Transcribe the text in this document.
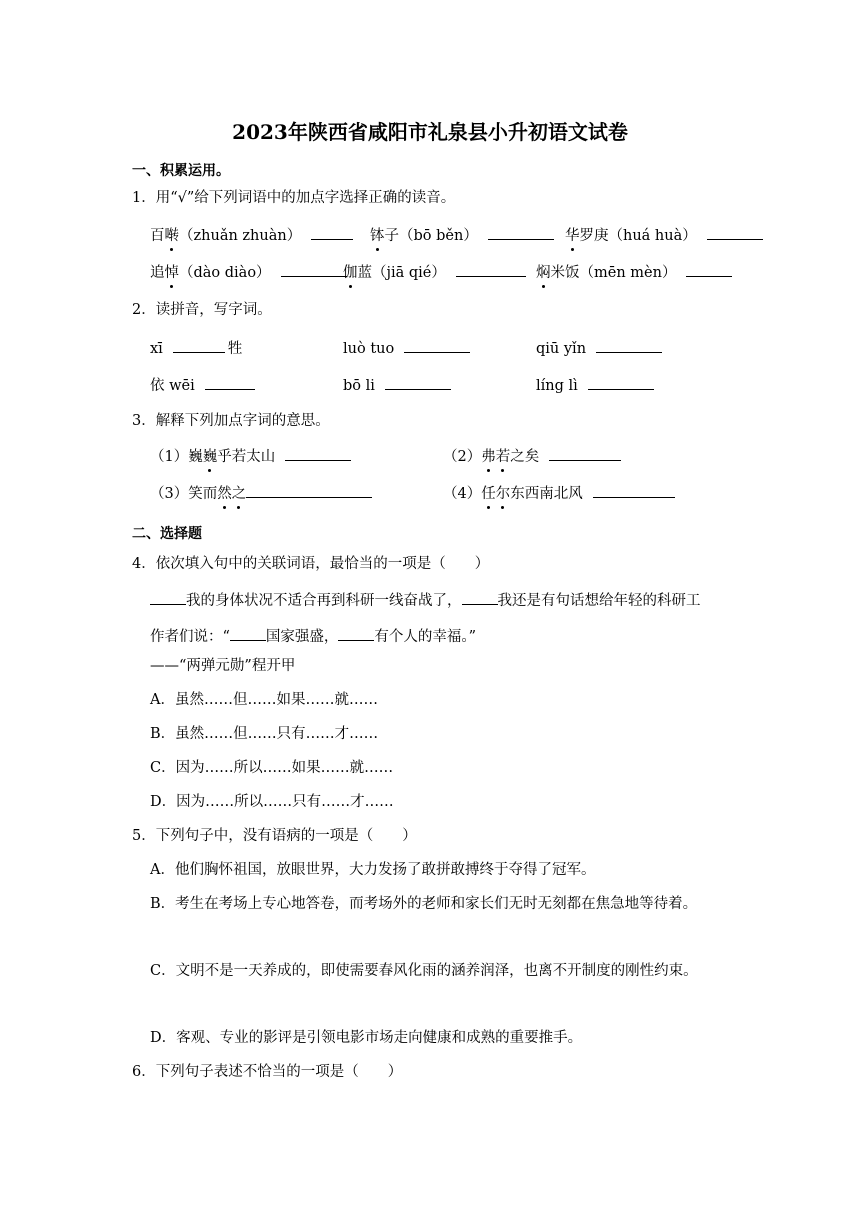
2023年陕西省咸阳市礼泉县小升初语文试卷
一、积累运用。
1．用“√”给下列词语中的加点字选择正确的读音。
百啭（zhuǎn zhuàn）	钵子（bō běn）	华罗庚（huá huà）
追悼（dào diào）	伽蓝（jiā qié）	焖米饭（mēn mèn）
2．读拼音，写字词。
xī	牲	luò tuo	qiū yǐn
依 wēi	bō li	líng lì
3．解释下列加点字词的意思。
（1）巍巍乎若太山	（2）弗若之矣
（3）笑而然之	（4）任尔东西南北风
二、选择题
4．依次填入句中的关联词语，最恰当的一项是（　　）
我的身体状况不适合再到科研一线奋战了， 我还是有句话想给年轻的科研工
作者们说：“ 国家强盛， 有个人的幸福。”
——“两弹元勋”程开甲
A．虽然……但……如果……就……
B．虽然……但……只有……才……
C．因为……所以……如果……就……
D．因为……所以……只有……才……
5．下列句子中，没有语病的一项是（　　）
A．他们胸怀祖国，放眼世界，大力发扬了敢拼敢搏终于夺得了冠军。
B．考生在考场上专心地答卷，而考场外的老师和家长们无时无刻都在焦急地等待着。
C．文明不是一天养成的，即使需要春风化雨的涵养润泽，也离不开制度的刚性约束。
D．客观、专业的影评是引领电影市场走向健康和成熟的重要推手。
6．下列句子表述不恰当的一项是（　　）
